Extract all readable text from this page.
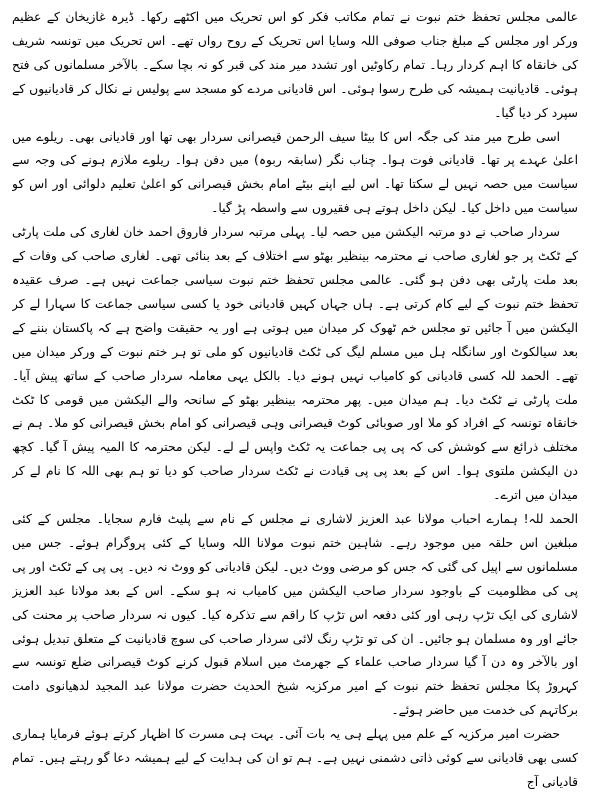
عالمی مجلس تحفظ ختم نبوت نے تمام مکاتب فکر کو اس تحریک میں اکٹھے رکھا۔ ڈیرہ غازیخان کے عظیم ورکر اور مجلس کے مبلغ جناب صوفی اللہ وسایا اس تحریک کے روح رواں تھے۔ اس تحریک میں تونسہ شریف کی خانقاہ کا اہم کردار رہا۔ تمام رکاوٹیں اور تشدد میر مند کی قبر کو نہ بچا سکے۔ بالآخر مسلمانوں کی فتح ہوئی۔ قادیانیت ہمیشہ کی طرح رسوا ہوئی۔ اس قادیانی مردے کو مسجد سے پولیس نے نکال کر قادیانیوں کے سپرد کر دیا گیا۔

اسی طرح میر مند کی جگہ اس کا بیٹا سیف الرحمن قیصرانی سردار بھی تھا اور قادیانی بھی۔ ریلوے میں اعلیٰ عہدے پر تھا۔ قادیانی فوت ہوا۔ چناب نگر (سابقہ ربوہ) میں دفن ہوا۔ ریلوے ملازم ہونے کی وجہ سے سیاست میں حصہ نہیں لے سکتا تھا۔ اس لیے اپنے بیٹے امام بخش قیصرانی کو اعلیٰ تعلیم دلوائی اور اس کو سیاست میں داخل کیا۔ لیکن داخل ہوتے ہی فقیروں سے واسطہ پڑ گیا۔

سردار صاحب نے دو مرتبہ الیکشن میں حصہ لیا۔ پہلی مرتبہ سردار فاروق احمد خان لغاری کی ملت پارٹی کے ٹکٹ پر جو لغاری صاحب نے محترمہ بینظیر بھٹو سے اختلاف کے بعد بنائی تھی۔ لغاری صاحب کی وفات کے بعد ملت پارٹی بھی دفن ہو گئی۔ عالمی مجلس تحفظ ختم نبوت سیاسی جماعت نہیں ہے۔ صرف عقیدہ تحفظ ختم نبوت کے لیے کام کرتی ہے۔ ہاں جہاں کہیں قادیانی خود یا کسی سیاسی جماعت کا سہارا لے کر الیکشن میں آ جائیں تو مجلس خم ٹھوک کر میدان میں ہوتی ہے اور یہ حقیقت واضح ہے کہ پاکستان بننے کے بعد سیالکوٹ اور سانگلہ ہل میں مسلم لیگ کی ٹکٹ قادیانیوں کو ملی تو ہر ختم نبوت کے ورکر میدان میں تھے۔ الحمد للہ کسی قادیانی کو کامیاب نہیں ہونے دیا۔ بالکل یہی معاملہ سردار صاحب کے ساتھ پیش آیا۔ ملت پارٹی نے ٹکٹ دیا۔ ہم میدان میں۔ پھر محترمہ بینظیر بھٹو کے سانحہ والے الیکشن میں قومی کا ٹکٹ خانقاہ تونسہ کے افراد کو ملا اور صوبائی کوٹ قیصرانی وہی قیصرانی کو امام بخش قیصرانی کو ملا۔ ہم نے مختلف ذرائع سے کوشش کی کہ پی پی جماعت یہ ٹکٹ واپس لے لے۔ لیکن محترمہ کا المیہ پیش آ گیا۔ کچھ دن الیکشن ملتوی ہوا۔ اس کے بعد پی پی قیادت نے ٹکٹ سردار صاحب کو دیا تو ہم بھی اللہ کا نام لے کر میدان میں اترے۔

الحمد للہ! ہمارے احباب مولانا عبد العزیز لاشاری نے مجلس کے نام سے پلیٹ فارم سجایا۔ مجلس کے کئی مبلغین اس حلقہ میں موجود رہے۔ شاہین ختم نبوت مولانا اللہ وسایا کے کئی پروگرام ہوئے۔ جس میں مسلمانوں سے اپیل کی گئی کہ جس کو مرضی ووٹ دیں۔ لیکن قادیانی کو ووٹ نہ دیں۔ پی پی کے ٹکٹ اور پی پی کی مظلومیت کے باوجود سردار صاحب الیکشن میں کامیاب نہ ہو سکے۔ اس کے بعد مولانا عبد العزیز لاشاری کی ایک تڑپ رہی اور کئی دفعہ اس تڑپ کا راقم سے تذکرہ کیا۔ کیوں نہ سردار صاحب پر محنت کی جائے اور وہ مسلمان ہو جائیں۔ ان کی تو تڑپ رنگ لائی سردار صاحب کی سوچ قادیانیت کے متعلق تبدیل ہوئی اور بالآخر وہ دن آ گیا سردار صاحب علماء کے جھرمٹ میں اسلام قبول کرنے کوٹ قیصرانی ضلع تونسہ سے کہروڑ پکا مجلس تحفظ ختم نبوت کے امیر مرکزیہ شیخ الحدیث حضرت مولانا عبد المجید لدھیانوی دامت برکاتہم کی خدمت میں حاضر ہوئے۔

حضرت امیر مرکزیہ کے علم میں پہلے ہی یہ بات آئی۔ بہت ہی مسرت کا اظہار کرتے ہوئے فرمایا ہماری کسی بھی قادیانی سے کوئی ذاتی دشمنی نہیں ہے۔ ہم تو ان کی ہدایت کے لیے ہمیشہ دعا گو رہتے ہیں۔ تمام قادیانی آج
